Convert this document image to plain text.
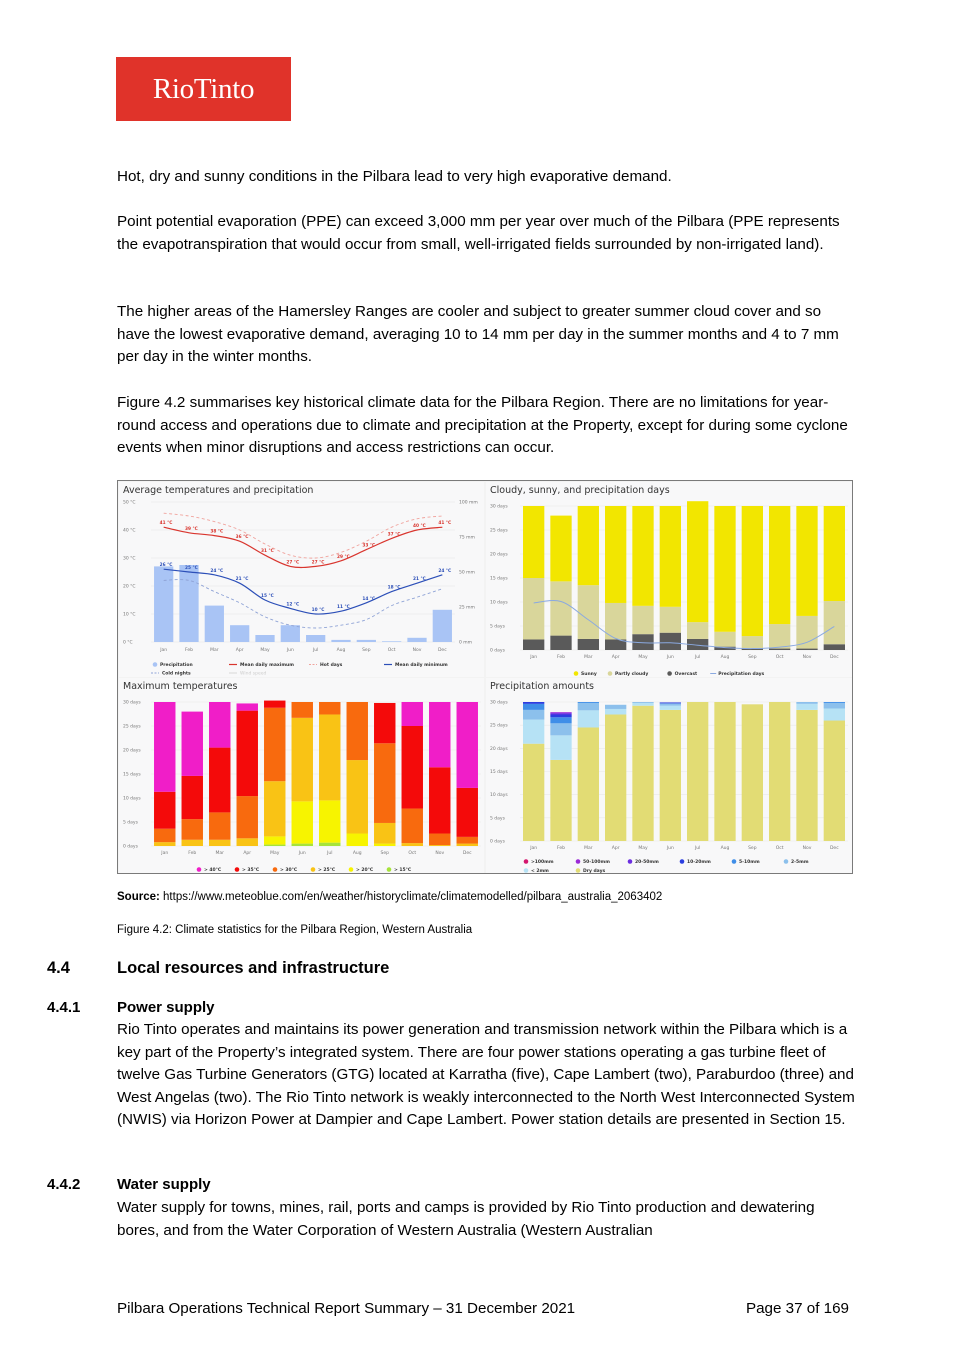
RioTinto

Hot, dry and sunny conditions in the Pilbara lead to very high evaporative demand.

Point potential evaporation (PPE) can exceed 3,000 mm per year over much of the Pilbara (PPE represents the evapotranspiration that would occur from small, well-irrigated fields surrounded by non-irrigated land).

The higher areas of the Hamersley Ranges are cooler and subject to greater summer cloud cover and so have the lowest evaporative demand, averaging 10 to 14 mm per day in the summer months and 4 to 7 mm per day in the winter months.

Figure 4.2 summarises key historical climate data for the Pilbara Region. There are no limitations for year-round access and operations due to climate and precipitation at the Property, except for during some cyclone events when minor disruptions and access restrictions can occur.

Average temperatures and precipitation
0 °C
10 °C
20 °C
30 °C
40 °C
50 °C
0 mm
25 mm
50 mm
75 mm
100 mm
Jan	Feb	Mar	Apr	May	Jun	Jul	Aug	Sep	Oct	Nov	Dec
41 °C
39 °C
38 °C
36 °C
31 °C
27 °C	27 °C
29 °C
33 °C
37 °C
40 °C
41 °C
26 °C
25 °C
24 °C
21 °C
15 °C
12 °C
10 °C
11 °C
14 °C
18 °C
21 °C
24 °C
Precipitation	Mean daily maximum	Hot days	Mean daily minimum
Cold nights	Wind speed
Cloudy, sunny, and precipitation days
0 days
5 days
10 days
15 days
20 days
25 days
30 days
Jan	Feb	Mar	Apr	May	Jun	Jul	Aug	Sep	Oct	Nov	Dec
Sunny	Partly cloudy	Overcast	Precipitation days
Maximum temperatures
0 days
5 days
10 days
15 days
20 days
25 days
30 days
Jan	Feb	Mar	Apr	May	Jun	Jul	Aug	Sep	Oct	Nov	Dec
> 40°C	> 35°C	> 30°C	> 25°C	> 20°C	> 15°C
Precipitation amounts
0 days
5 days
10 days
15 days
20 days
25 days
30 days
Jan	Feb	Mar	Apr	May	Jun	Jul	Aug	Sep	Oct	Nov	Dec
>100mm	50-100mm	20-50mm	10-20mm	5-10mm	2-5mm
< 2mm	Dry days
Source: https://www.meteoblue.com/en/weather/historyclimate/climatemodelled/pilbara_australia_2063402
Figure 4.2: Climate statistics for the Pilbara Region, Western Australia
4.4	Local resources and infrastructure
4.4.1 Power supply

Rio Tinto operates and maintains its power generation and transmission network within the Pilbara which is a key part of the Property’s integrated system. There are four power stations operating a gas turbine fleet of twelve Gas Turbine Generators (GTG) located at Karratha (five), Cape Lambert (two), Paraburdoo (three) and West Angelas (two). The Rio Tinto network is weakly interconnected to the North West Interconnected System (NWIS) via Horizon Power at Dampier and Cape Lambert. Power station details are presented in Section 15.

4.4.2 Water supply

Water supply for towns, mines, rail, ports and camps is provided by Rio Tinto production and dewatering bores, and from the Water Corporation of Western Australia (Western Australian

Pilbara Operations Technical Report Summary – 31 December 2021	Page 37 of 169
